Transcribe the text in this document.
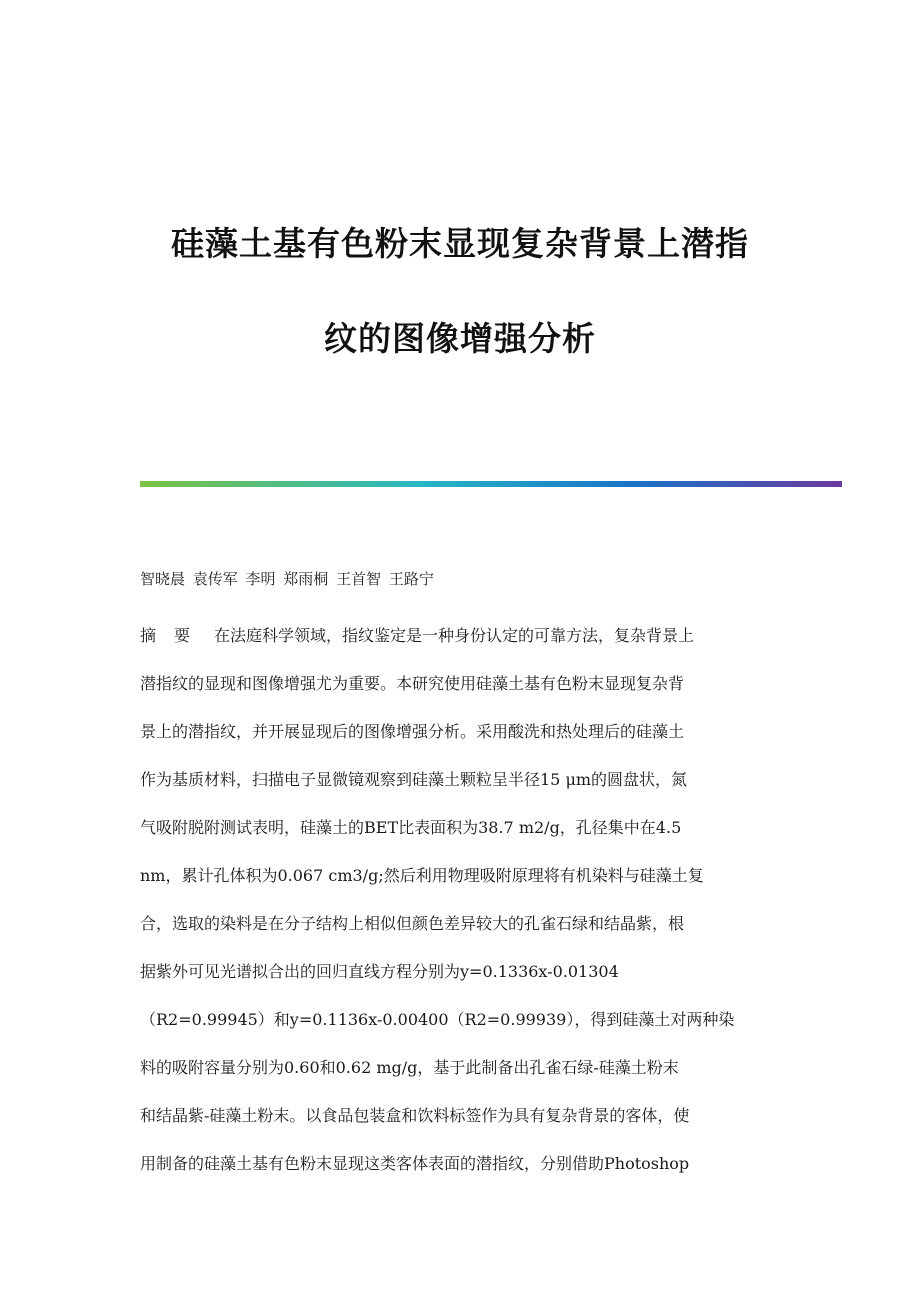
硅藻土基有色粉末显现复杂背景上潜指
纹的图像增强分析
智晓晨 袁传军 李明 郑雨桐 王首智 王路宁
摘要 在法庭科学领域，指纹鉴定是一种身份认定的可靠方法，复杂背景上
潜指纹的显现和图像增强尤为重要。本研究使用硅藻土基有色粉末显现复杂背
景上的潜指纹，并开展显现后的图像增强分析。采用酸洗和热处理后的硅藻土
作为基质材料，扫描电子显微镜观察到硅藻土颗粒呈半径15 μm的圆盘状，氮
气吸附脱附测试表明，硅藻土的BET比表面积为38.7 m2/g，孔径集中在4.5
nm，累计孔体积为0.067 cm3/g;然后利用物理吸附原理将有机染料与硅藻土复
合，选取的染料是在分子结构上相似但颜色差异较大的孔雀石绿和结晶紫，根
据紫外可见光谱拟合出的回归直线方程分别为y=0.1336x-0.01304
（R2=0.99945）和y=0.1136x-0.00400（R2=0.99939），得到硅藻土对两种染
料的吸附容量分别为0.60和0.62 mg/g，基于此制备出孔雀石绿-硅藻土粉末
和结晶紫-硅藻土粉末。以食品包装盒和饮料标签作为具有复杂背景的客体，使
用制备的硅藻土基有色粉末显现这类客体表面的潜指纹，分别借助Photoshop
